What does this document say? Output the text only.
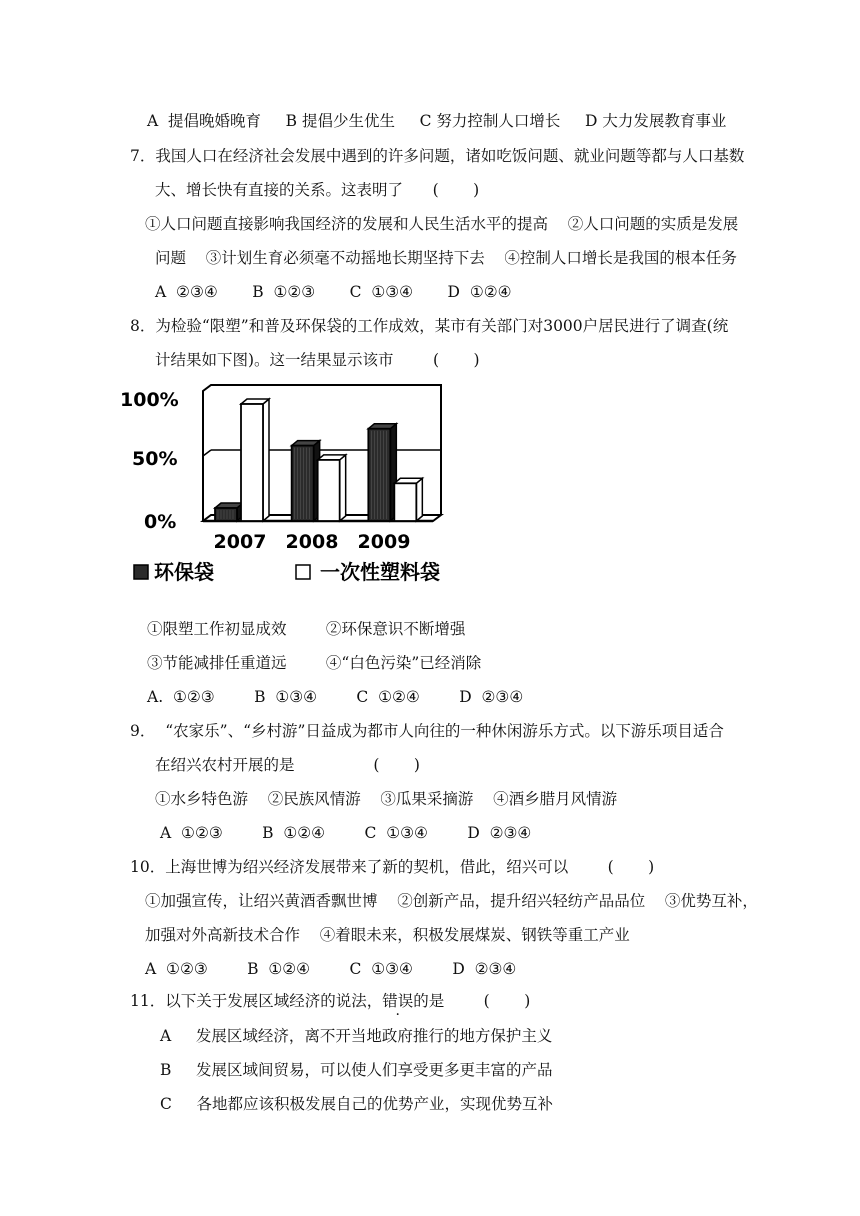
A  提倡晚婚晚育     B 提倡少生优生     C 努力控制人口增长     D 大力发展教育事业
7．我国人口在经济社会发展中遇到的许多问题，诸如吃饭问题、就业问题等都与人口基数
大、增长快有直接的关系。这表明了      (       )
①人口问题直接影响我国经济的发展和人民生活水平的提高    ②人口问题的实质是发展
问题    ③计划生育必须毫不动摇地长期坚持下去    ④控制人口增长是我国的根本任务
A  ②③④       B  ①②③       C  ①③④       D  ①②④
8．为检验“限塑”和普及环保袋的工作成效，某市有关部门对3000户居民进行了调查(统
计结果如下图)。这一结果显示该市        (       )
100%
50%
0%
2007 2008 2009
环保袋	一次性塑料袋
①限塑工作初显成效        ②环保意识不断增强
③节能减排任重道远        ④“白色污染”已经消除
A.  ①②③        B  ①③④        C  ①②④        D  ②③④
9．  “农家乐”、“乡村游”日益成为都市人向往的一种休闲游乐方式。以下游乐项目适合
在绍兴农村开展的是                (       )
①水乡特色游    ②民族风情游    ③瓜果采摘游    ④酒乡腊月风情游
A  ①②③        B  ①②④        C  ①③④        D  ②③④
10．上海世博为绍兴经济发展带来了新的契机，借此，绍兴可以        (       )
①加强宣传，让绍兴黄酒香飘世博    ②创新产品，提升绍兴轻纺产品品位    ③优势互补，
加强对外高新技术合作    ④着眼未来，积极发展煤炭、钢铁等重工产业
A  ①②③        B  ①②④        C  ①③④        D  ②③④
11．以下关于发展区域经济的说法，错误的是        (       )
A     发展区域经济，离不开当地政府推行的地方保护主义
B     发展区域间贸易，可以使人们享受更多更丰富的产品
C     各地都应该积极发展自己的优势产业，实现优势互补
